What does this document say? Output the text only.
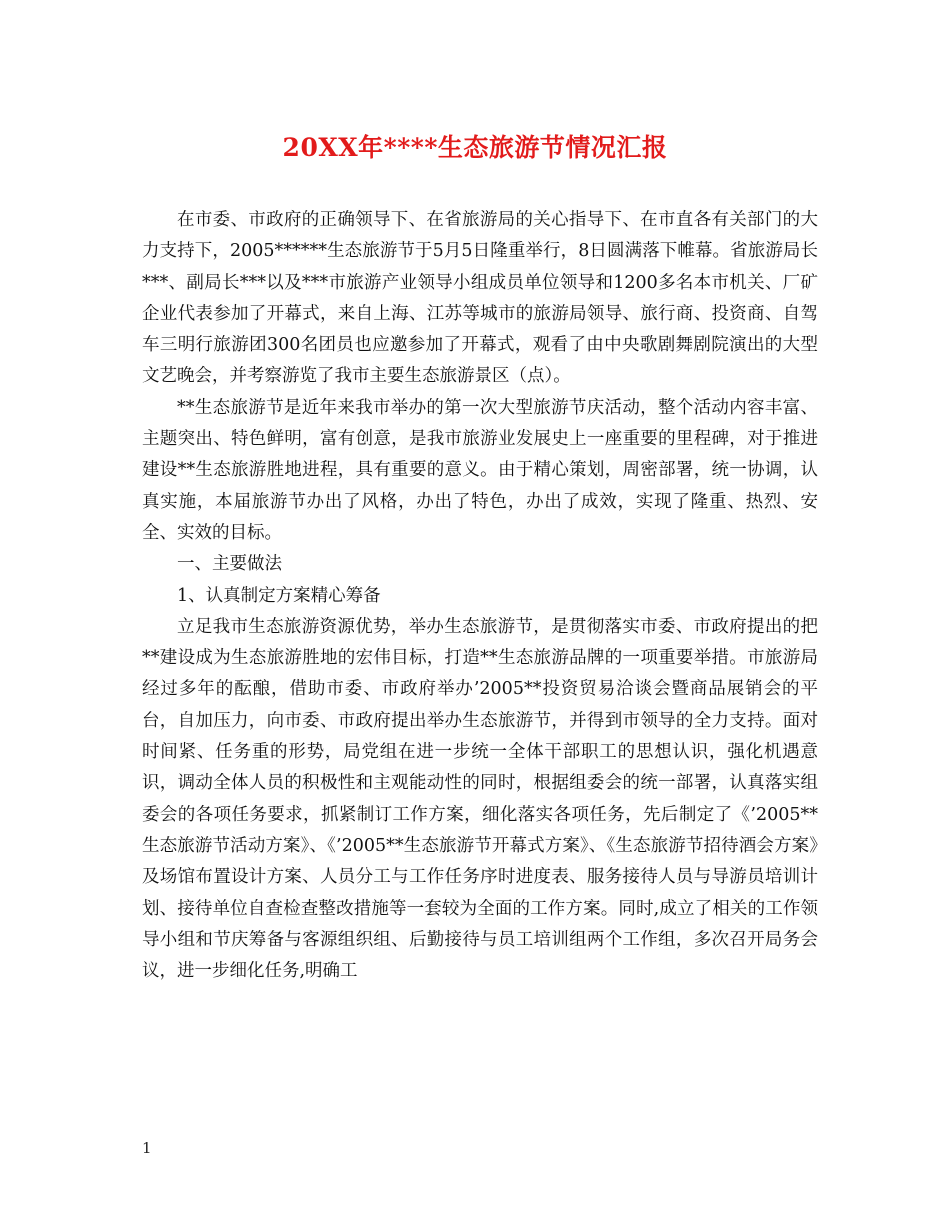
20XX年****生态旅游节情况汇报

在市委、市政府的正确领导下、在省旅游局的关心指导下、在市直各有关部门的大力支持下，2005******生态旅游节于5月5日隆重举行，8日圆满落下帷幕。省旅游局长***、副局长***以及***市旅游产业领导小组成员单位领导和1200多名本市机关、厂矿企业代表参加了开幕式，来自上海、江苏等城市的旅游局领导、旅行商、投资商、自驾车三明行旅游团300名团员也应邀参加了开幕式，观看了由中央歌剧舞剧院演出的大型文艺晚会，并考察游览了我市主要生态旅游景区（点）。

**生态旅游节是近年来我市举办的第一次大型旅游节庆活动，整个活动内容丰富、主题突出、特色鲜明，富有创意，是我市旅游业发展史上一座重要的里程碑，对于推进建设**生态旅游胜地进程，具有重要的意义。由于精心策划，周密部署，统一协调，认真实施，本届旅游节办出了风格，办出了特色，办出了成效，实现了隆重、热烈、安全、实效的目标。

一、主要做法

1、认真制定方案精心筹备

立足我市生态旅游资源优势，举办生态旅游节，是贯彻落实市委、市政府提出的把**建设成为生态旅游胜地的宏伟目标，打造**生态旅游品牌的一项重要举措。市旅游局经过多年的酝酿，借助市委、市政府举办’2005**投资贸易洽谈会暨商品展销会的平台，自加压力，向市委、市政府提出举办生态旅游节，并得到市领导的全力支持。面对时间紧、任务重的形势，局党组在进一步统一全体干部职工的思想认识，强化机遇意识，调动全体人员的积极性和主观能动性的同时，根据组委会的统一部署，认真落实组委会的各项任务要求，抓紧制订工作方案，细化落实各项任务，先后制定了《’2005**生态旅游节活动方案》、《’2005**生态旅游节开幕式方案》、《生态旅游节招待酒会方案》及场馆布置设计方案、人员分工与工作任务序时进度表、服务接待人员与导游员培训计划、接待单位自查检查整改措施等一套较为全面的工作方案。同时,成立了相关的工作领导小组和节庆筹备与客源组织组、后勤接待与员工培训组两个工作组，多次召开局务会议，进一步细化任务,明确工

1
